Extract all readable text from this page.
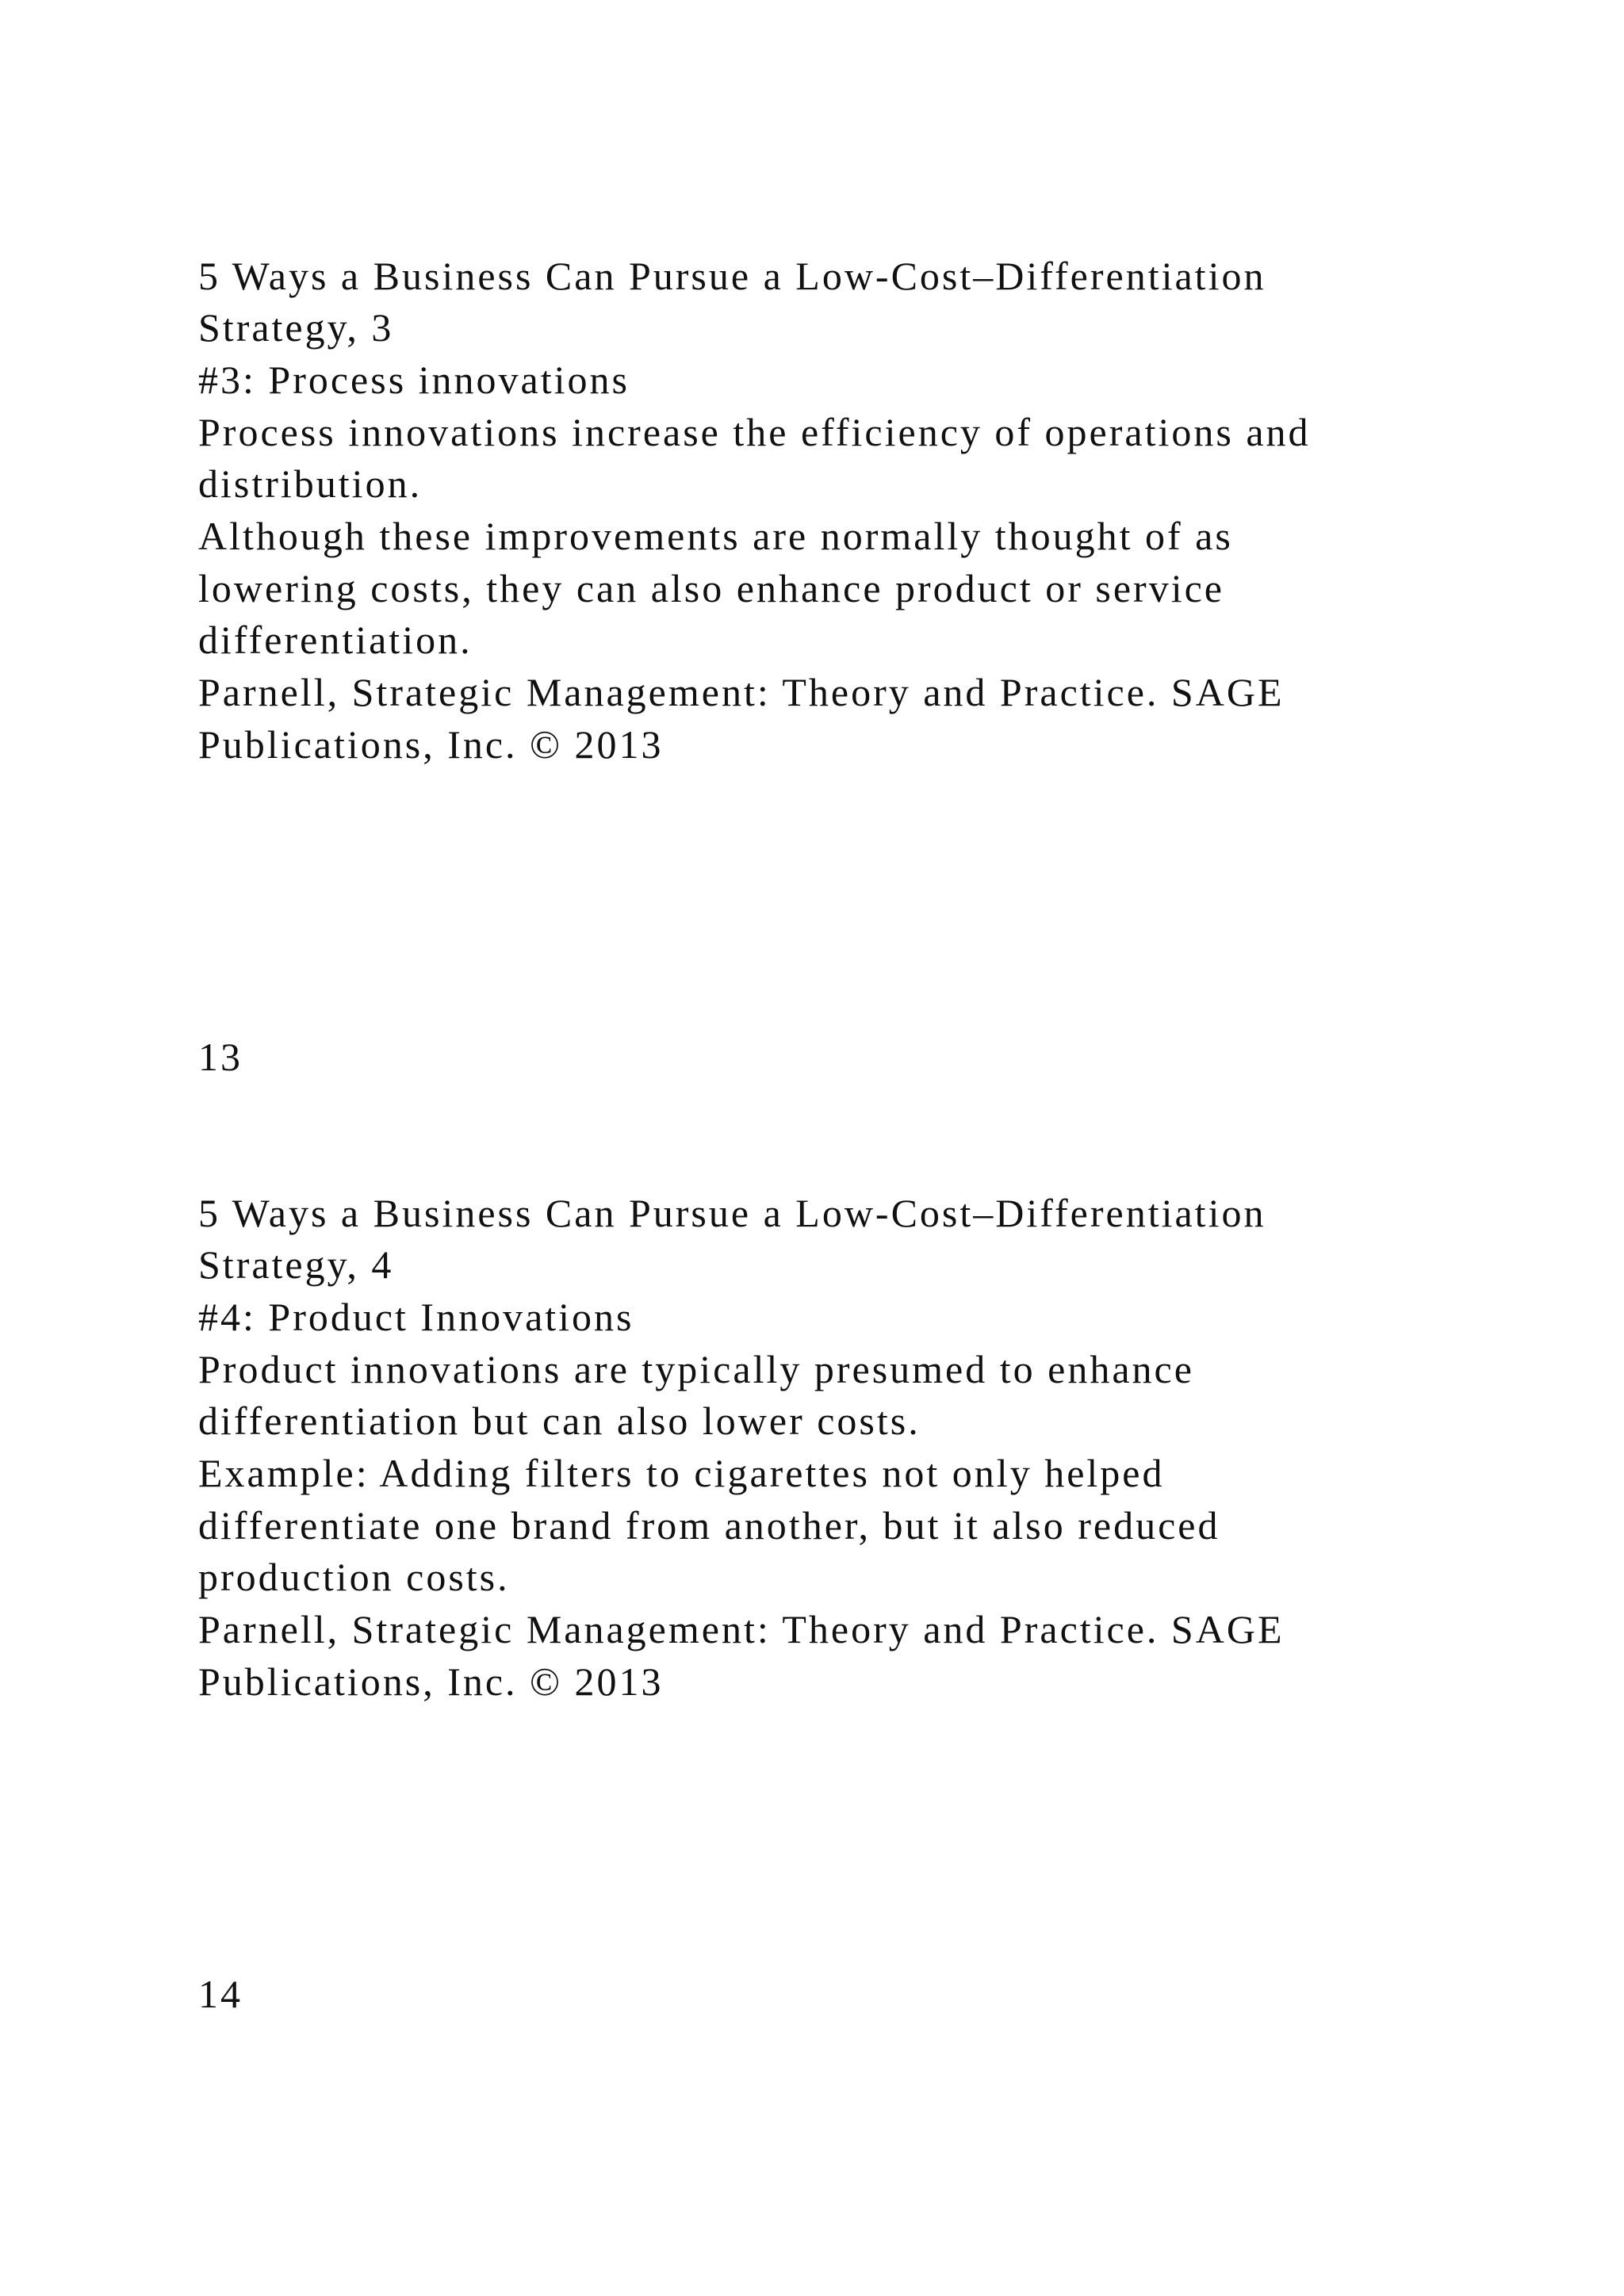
5 Ways a Business Can Pursue a Low-Cost–Differentiation

Strategy, 3

#3: Process innovations

Process innovations increase the efficiency of operations and

distribution.

Although these improvements are normally thought of as

lowering costs, they can also enhance product or service

differentiation.

Parnell, Strategic Management: Theory and Practice. SAGE

Publications, Inc. © 2013

13

5 Ways a Business Can Pursue a Low-Cost–Differentiation

Strategy, 4

#4: Product Innovations

Product innovations are typically presumed to enhance

differentiation but can also lower costs.

Example: Adding filters to cigarettes not only helped

differentiate one brand from another, but it also reduced

production costs.

Parnell, Strategic Management: Theory and Practice. SAGE

Publications, Inc. © 2013

14
